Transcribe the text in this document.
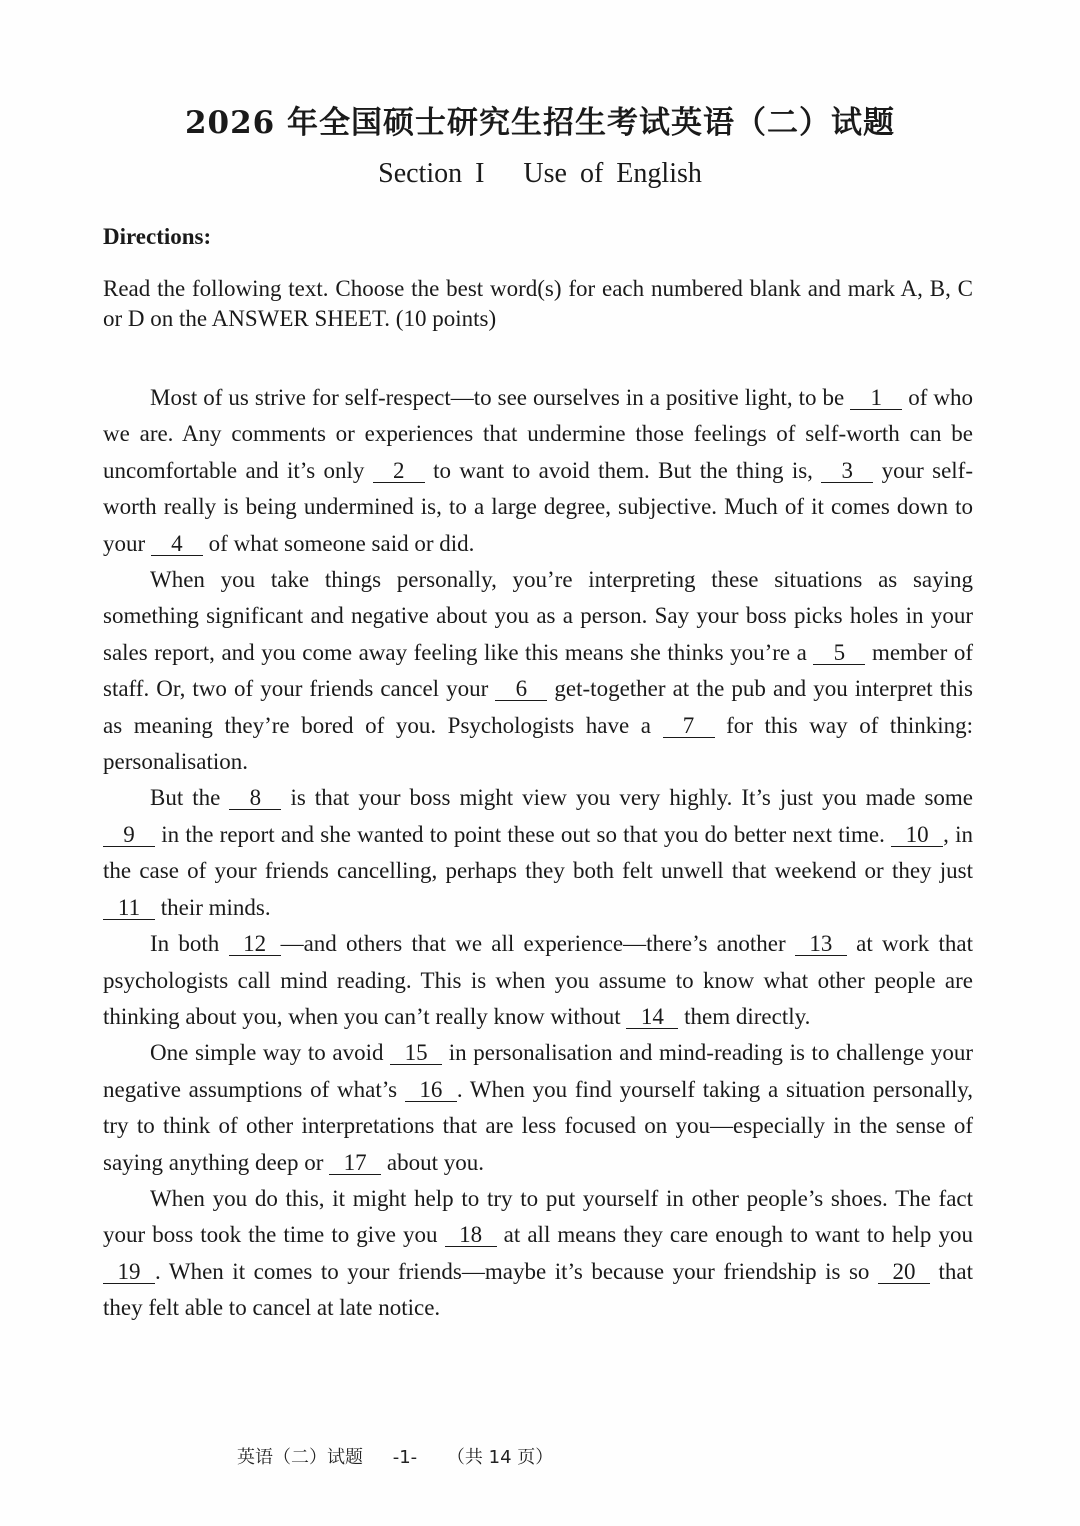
2026 年全国硕士研究生招生考试英语（二）试题
Section I   Use of English
Directions:
Read the following text. Choose the best word(s) for each numbered blank and mark A, B, C or D on the ANSWER SHEET. (10 points)

Most of us strive for self-respect—to see ourselves in a positive light, to be 1 of who we are. Any comments or experiences that undermine those feelings of self-worth can be uncomfortable and it’s only 2 to want to avoid them. But the thing is, 3 your self-worth really is being undermined is, to a large degree, subjective. Much of it comes down to your 4 of what someone said or did.

When you take things personally, you’re interpreting these situations as saying something significant and negative about you as a person. Say your boss picks holes in your sales report, and you come away feeling like this means she thinks you’re a 5 member of staff. Or, two of your friends cancel your 6 get-together at the pub and you interpret this as meaning they’re bored of you. Psychologists have a 7 for this way of thinking: personalisation.

But the 8 is that your boss might view you very highly. It’s just you made some 9 in the report and she wanted to point these out so that you do better next time. 10 , in the case of your friends cancelling, perhaps they both felt unwell that weekend or they just 11 their minds.

In both 12 —and others that we all experience—there’s another 13 at work that psychologists call mind reading. This is when you assume to know what other people are thinking about you, when you can’t really know without 14 them directly.

One simple way to avoid 15 in personalisation and mind-reading is to challenge your negative assumptions of what’s 16 . When you find yourself taking a situation personally, try to think of other interpretations that are less focused on you—especially in the sense of saying anything deep or 17 about you.

When you do this, it might help to try to put yourself in other people’s shoes. The fact your boss took the time to give you 18 at all means they care enough to want to help you 19 . When it comes to your friends—maybe it’s because your friendship is so 20 that they felt able to cancel at late notice.

英语（二）试题 -1- （共 14 页）
